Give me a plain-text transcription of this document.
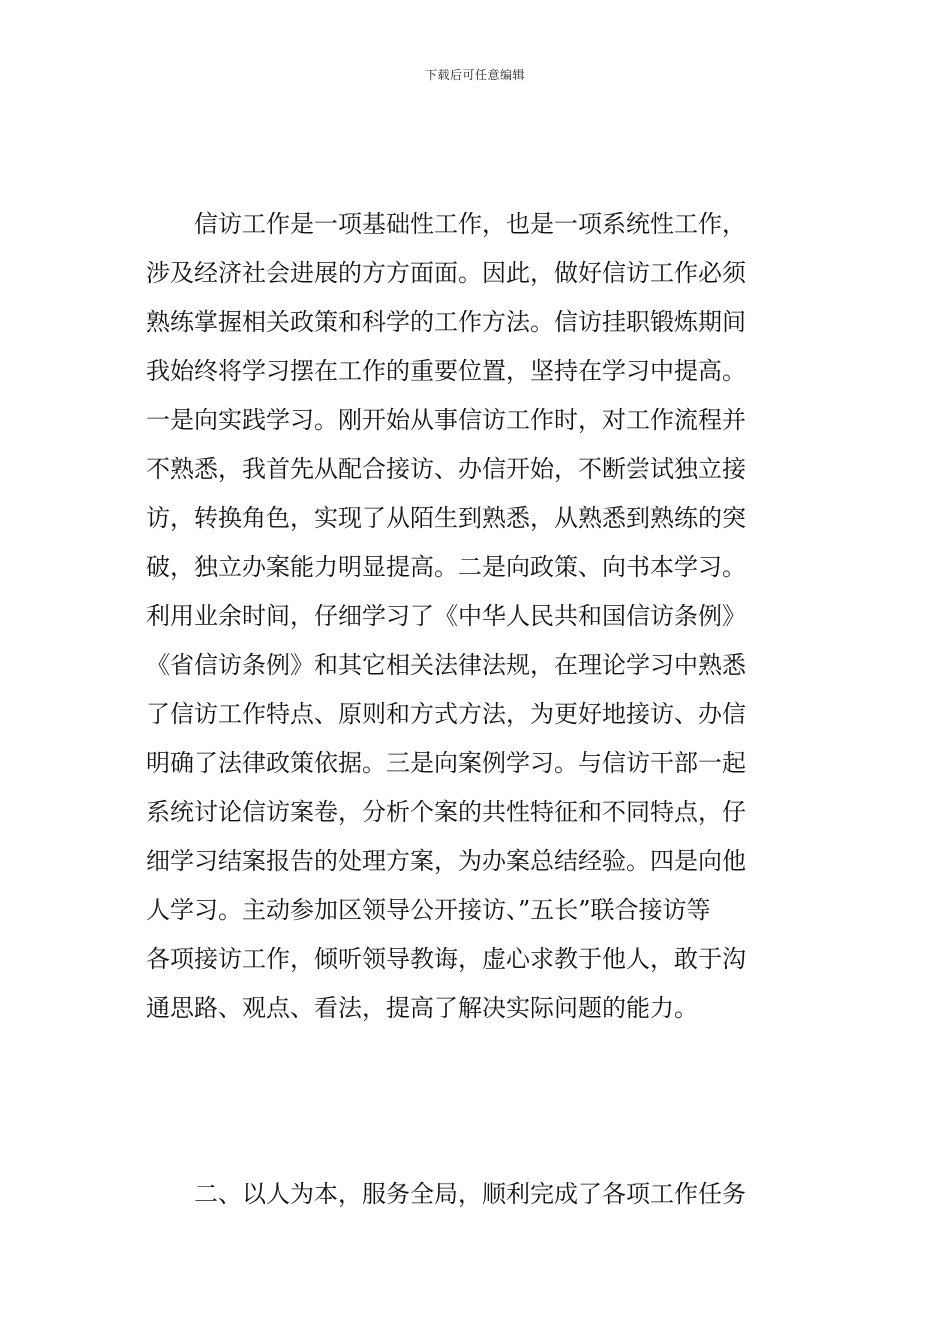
下载后可任意编辑

信访工作是一项基础性工作，也是一项系统性工作，
涉及经济社会进展的方方面面。因此，做好信访工作必须
熟练掌握相关政策和科学的工作方法。信访挂职锻炼期间
我始终将学习摆在工作的重要位置，坚持在学习中提高。
一是向实践学习。刚开始从事信访工作时，对工作流程并
不熟悉，我首先从配合接访、办信开始，不断尝试独立接
访，转换角色，实现了从陌生到熟悉，从熟悉到熟练的突
破，独立办案能力明显提高。二是向政策、向书本学习。
利用业余时间，仔细学习了《中华人民共和国信访条例》
《省信访条例》和其它相关法律法规，在理论学习中熟悉
了信访工作特点、原则和方式方法，为更好地接访、办信
明确了法律政策依据。三是向案例学习。与信访干部一起
系统讨论信访案卷，分析个案的共性特征和不同特点，仔
细学习结案报告的处理方案，为办案总结经验。四是向他
人学习。主动参加区领导公开接访、”五长”联合接访等
各项接访工作，倾听领导教诲，虚心求教于他人，敢于沟
通思路、观点、看法，提高了解决实际问题的能力。

二、以人为本，服务全局，顺利完成了各项工作任务
